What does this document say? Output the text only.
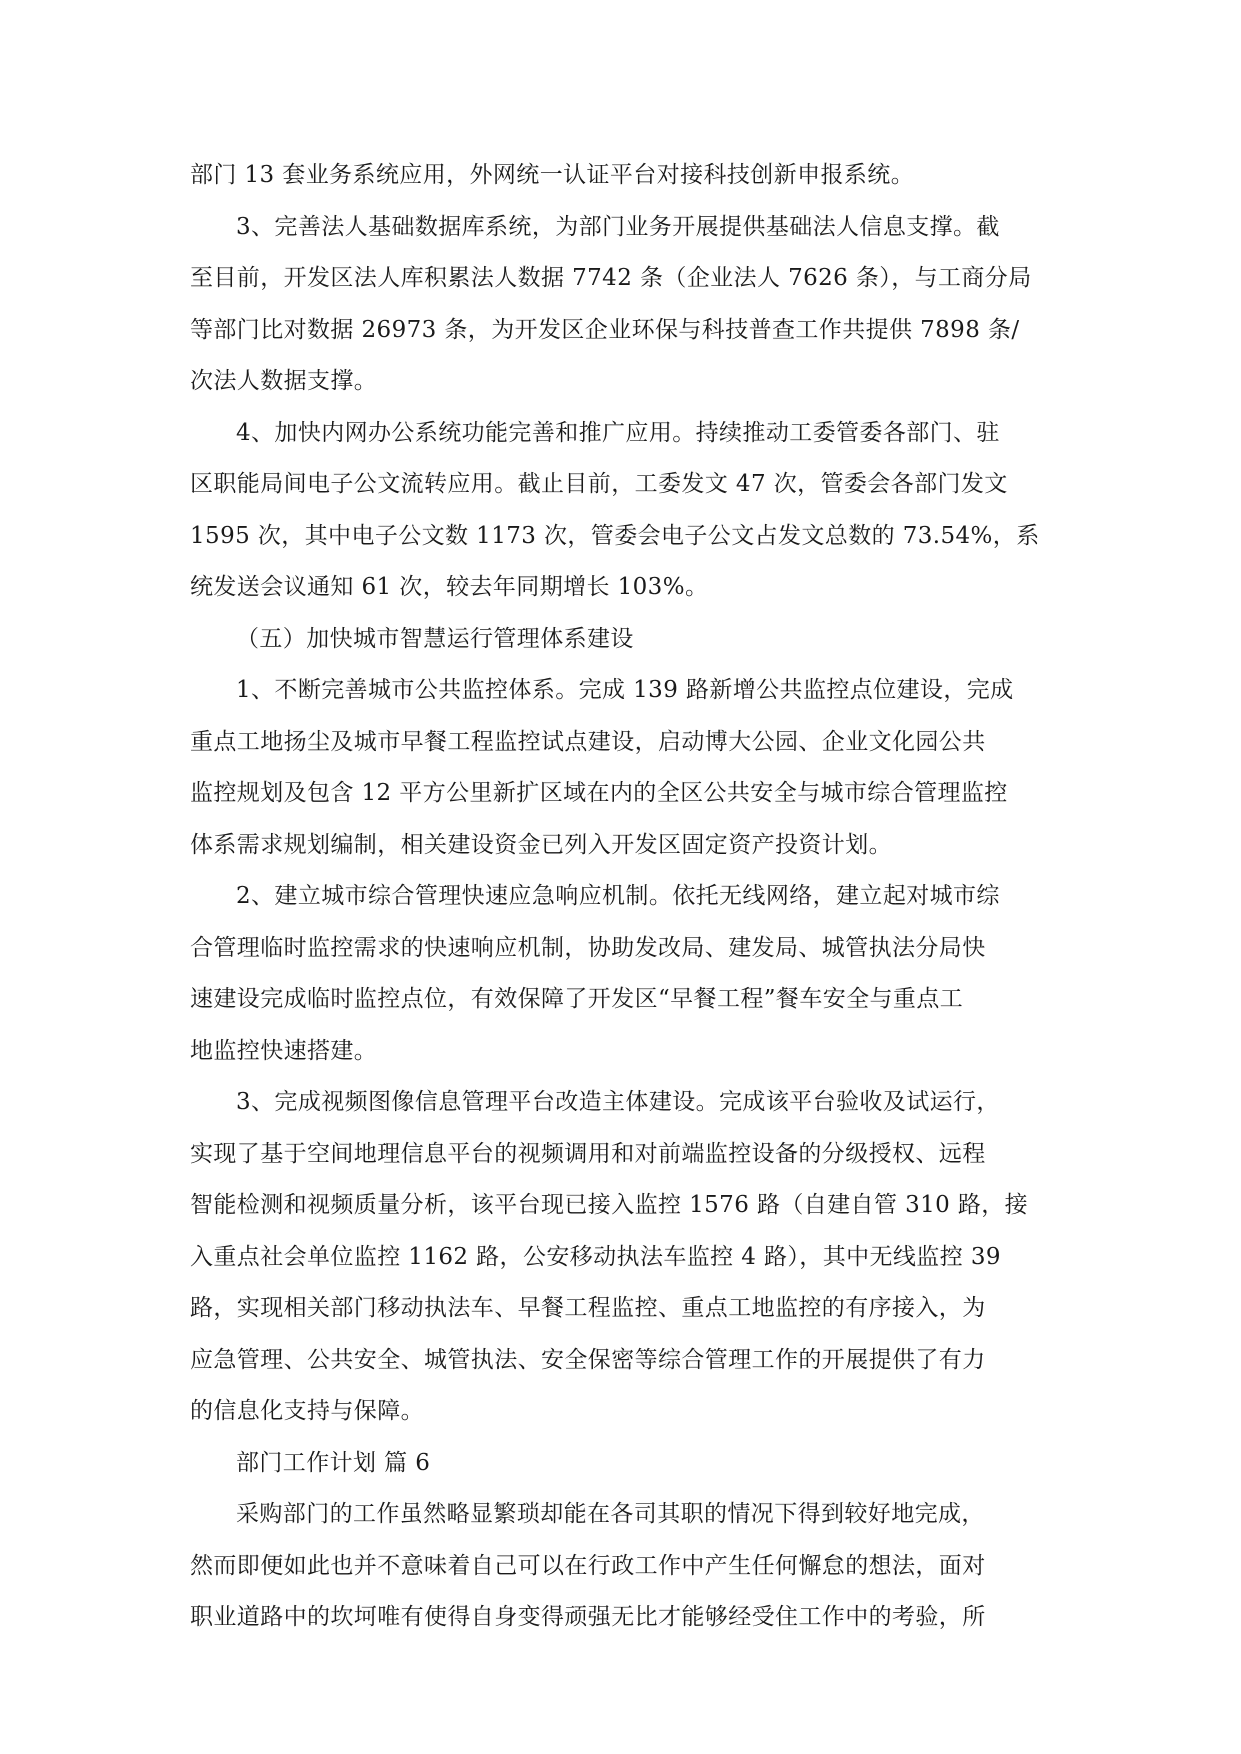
部门 13 套业务系统应用，外网统一认证平台对接科技创新申报系统。
3、完善法人基础数据库系统，为部门业务开展提供基础法人信息支撑。截
至目前，开发区法人库积累法人数据 7742 条（企业法人 7626 条），与工商分局
等部门比对数据 26973 条，为开发区企业环保与科技普查工作共提供 7898 条/
次法人数据支撑。
4、加快内网办公系统功能完善和推广应用。持续推动工委管委各部门、驻
区职能局间电子公文流转应用。截止目前，工委发文 47 次，管委会各部门发文
1595 次，其中电子公文数 1173 次，管委会电子公文占发文总数的 73.54%，系
统发送会议通知 61 次，较去年同期增长 103%。
（五）加快城市智慧运行管理体系建设
1、不断完善城市公共监控体系。完成 139 路新增公共监控点位建设，完成
重点工地扬尘及城市早餐工程监控试点建设，启动博大公园、企业文化园公共
监控规划及包含 12 平方公里新扩区域在内的全区公共安全与城市综合管理监控
体系需求规划编制，相关建设资金已列入开发区固定资产投资计划。
2、建立城市综合管理快速应急响应机制。依托无线网络，建立起对城市综
合管理临时监控需求的快速响应机制，协助发改局、建发局、城管执法分局快
速建设完成临时监控点位，有效保障了开发区“早餐工程”餐车安全与重点工
地监控快速搭建。
3、完成视频图像信息管理平台改造主体建设。完成该平台验收及试运行，
实现了基于空间地理信息平台的视频调用和对前端监控设备的分级授权、远程
智能检测和视频质量分析，该平台现已接入监控 1576 路（自建自管 310 路，接
入重点社会单位监控 1162 路，公安移动执法车监控 4 路），其中无线监控 39
路，实现相关部门移动执法车、早餐工程监控、重点工地监控的有序接入，为
应急管理、公共安全、城管执法、安全保密等综合管理工作的开展提供了有力
的信息化支持与保障。
部门工作计划 篇 6
采购部门的工作虽然略显繁琐却能在各司其职的情况下得到较好地完成，
然而即便如此也并不意味着自己可以在行政工作中产生任何懈怠的想法，面对
职业道路中的坎坷唯有使得自身变得顽强无比才能够经受住工作中的考验，所
